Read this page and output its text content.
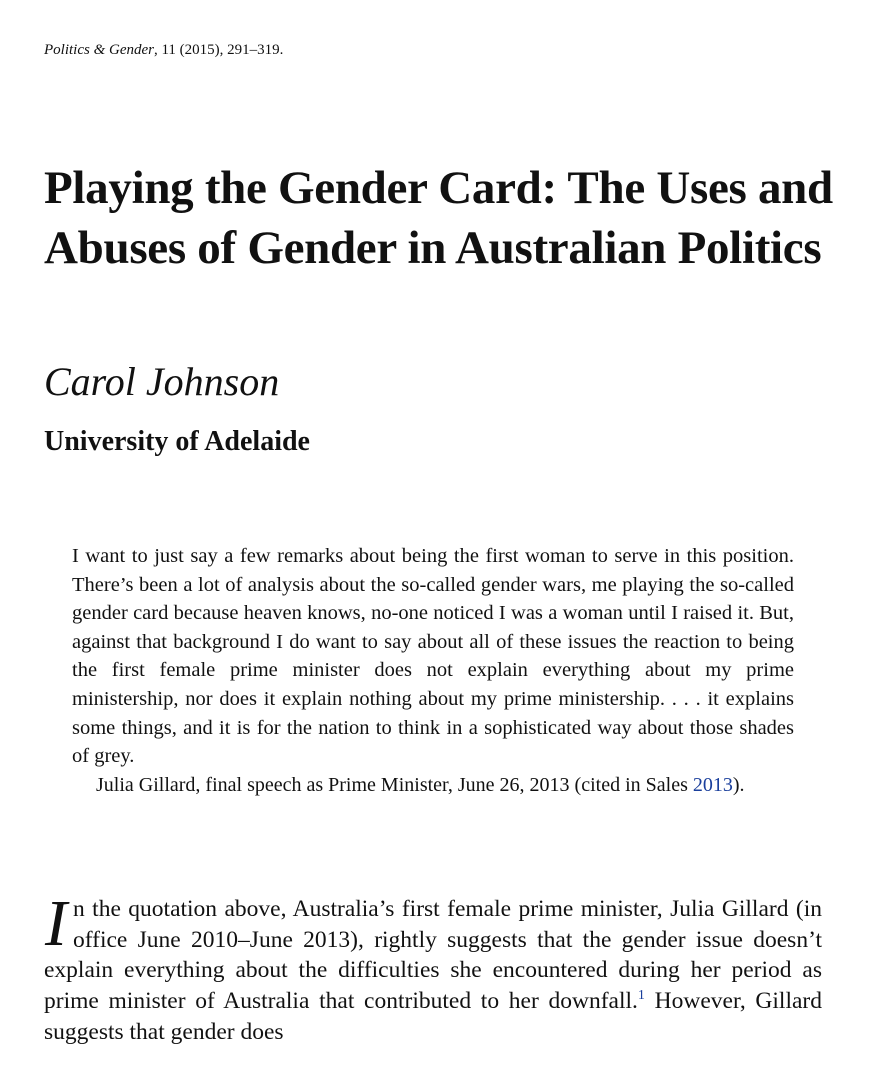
Politics & Gender, 11 (2015), 291–319.
Playing the Gender Card: The Uses and Abuses of Gender in Australian Politics
Carol Johnson
University of Adelaide

I want to just say a few remarks about being the first woman to serve in this position. There’s been a lot of analysis about the so-called gender wars, me playing the so-called gender card because heaven knows, no-one noticed I was a woman until I raised it. But, against that background I do want to say about all of these issues the reaction to being the first female prime minister does not explain everything about my prime ministership, nor does it explain nothing about my prime ministership. . . . it explains some things, and it is for the nation to think in a sophisticated way about those shades of grey.

Julia Gillard, final speech as Prime Minister, June 26, 2013 (cited in Sales 2013).

In the quotation above, Australia’s first female prime minister, Julia Gillard (in office June 2010–June 2013), rightly suggests that the gender issue doesn’t explain everything about the difficulties she encountered during her period as prime minister of Australia that contributed to her downfall.$^1$ However, Gillard suggests that gender does
